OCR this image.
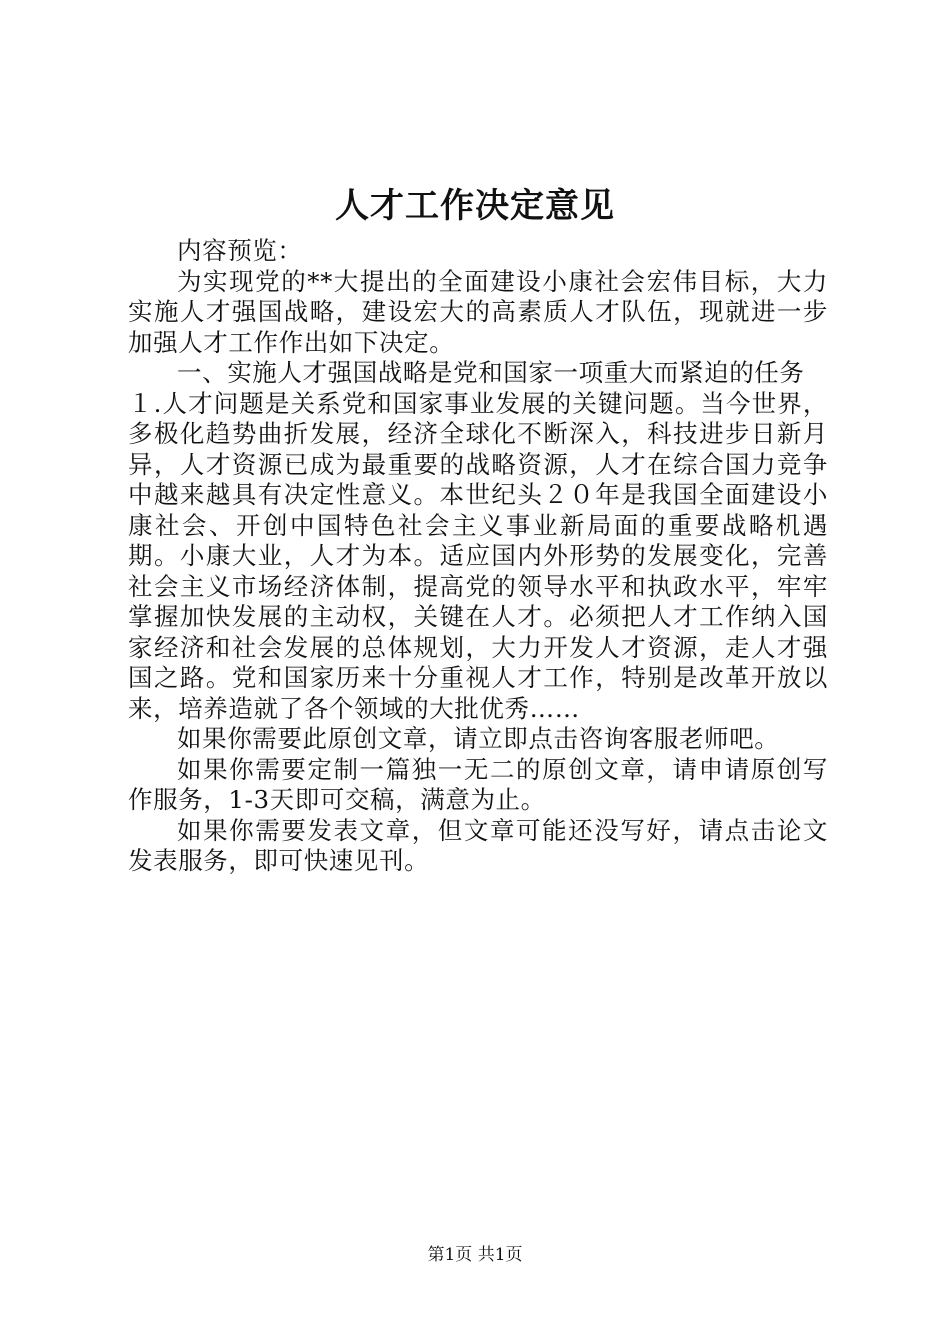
人才工作决定意见

内容预览：

为实现党的**大提出的全面建设小康社会宏伟目标，大力实施人才强国战略，建设宏大的高素质人才队伍，现就进一步加强人才工作作出如下决定。

一、实施人才强国战略是党和国家一项重大而紧迫的任务

１.人才问题是关系党和国家事业发展的关键问题。当今世界，多极化趋势曲折发展，经济全球化不断深入，科技进步日新月异，人才资源已成为最重要的战略资源，人才在综合国力竞争中越来越具有决定性意义。本世纪头２０年是我国全面建设小康社会、开创中国特色社会主义事业新局面的重要战略机遇期。小康大业，人才为本。适应国内外形势的发展变化，完善社会主义市场经济体制，提高党的领导水平和执政水平，牢牢掌握加快发展的主动权，关键在人才。必须把人才工作纳入国家经济和社会发展的总体规划，大力开发人才资源，走人才强国之路。党和国家历来十分重视人才工作，特别是改革开放以来，培养造就了各个领域的大批优秀……

如果你需要此原创文章，请立即点击咨询客服老师吧。

如果你需要定制一篇独一无二的原创文章，请申请原创写作服务，1-3天即可交稿，满意为止。

如果你需要发表文章，但文章可能还没写好，请点击论文发表服务，即可快速见刊。

第1页 共1页
